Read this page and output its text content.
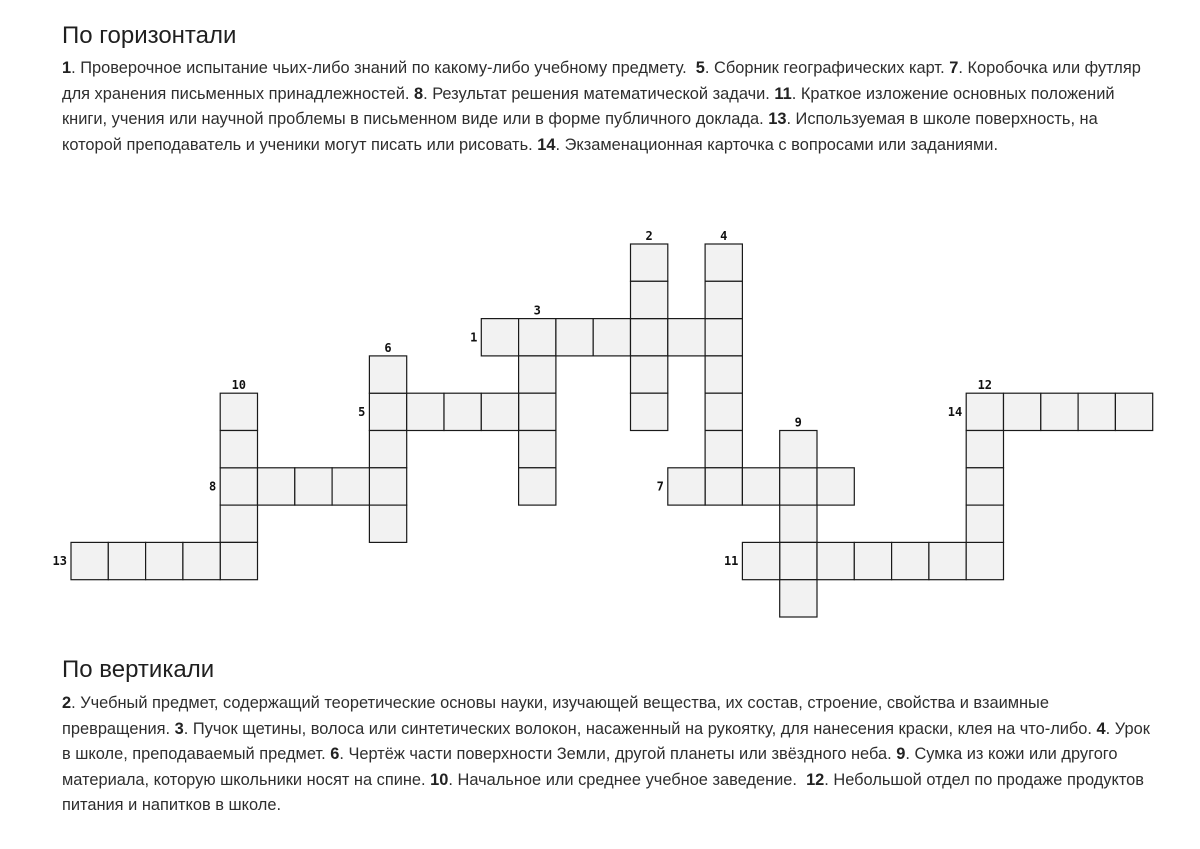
По горизонтали

1. Проверочное испытание чьих-либо знаний по какому-либо учебному предмету. 5. Сборник географических карт. 7. Коробочка или футляр для хранения письменных принадлежностей. 8. Результат решения математической задачи. 11. Краткое изложение основных положений книги, учения или научной проблемы в письменном виде или в форме публичного доклада. 13. Используемая в школе поверхность, на которой преподаватель и ученики могут писать или рисовать. 14. Экзаменационная карточка с вопросами или заданиями.

1
2
3
4
5
6
7
8
9
10
11
12
13
14
По вертикали

2. Учебный предмет, содержащий теоретические основы науки, изучающей вещества, их состав, строение, свойства и взаимные превращения. 3. Пучок щетины, волоса или синтетических волокон, насаженный на рукоятку, для нанесения краски, клея на что-либо. 4. Урок в школе, преподаваемый предмет. 6. Чертёж части поверхности Земли, другой планеты или звёздного неба. 9. Сумка из кожи или другого материала, которую школьники носят на спине. 10. Начальное или среднее учебное заведение. 12. Небольшой отдел по продаже продуктов питания и напитков в школе.
